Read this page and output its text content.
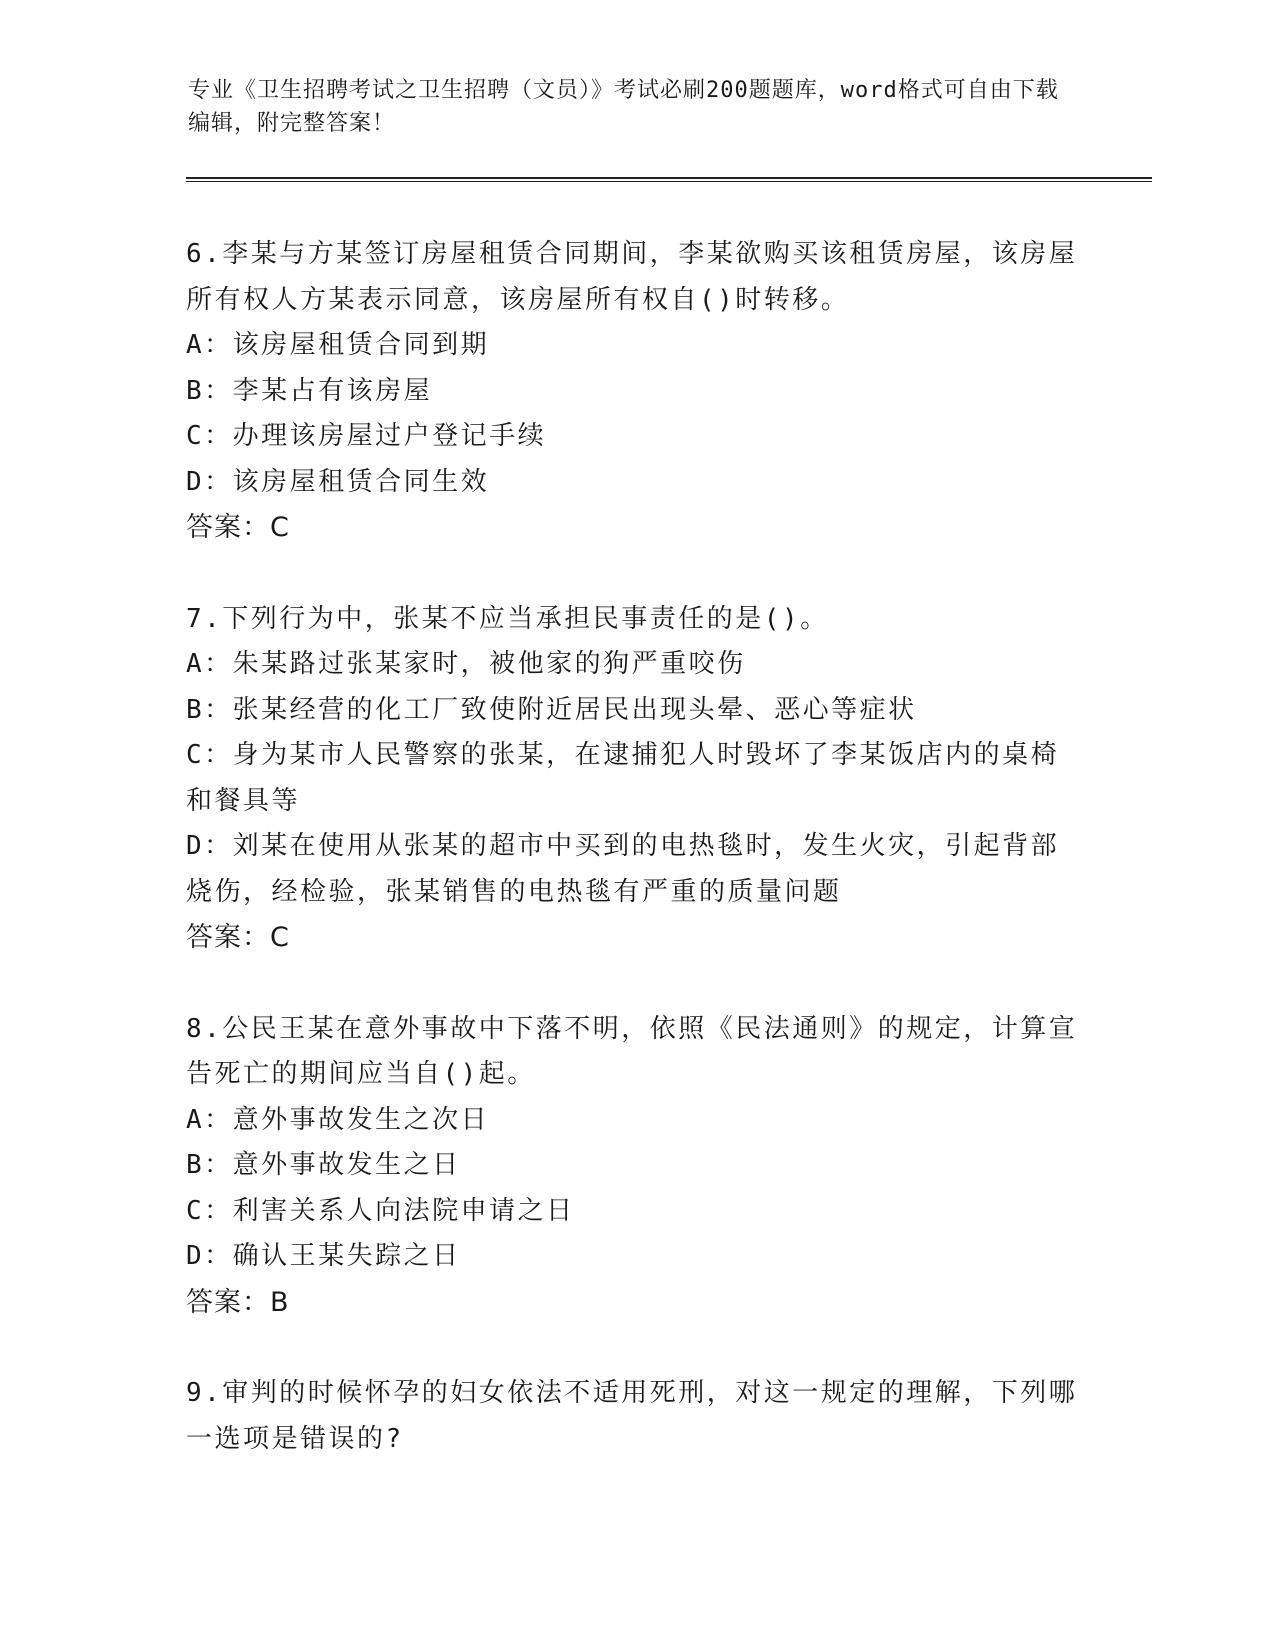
专业《卫生招聘考试之卫生招聘（文员）》考试必刷200题题库，word格式可自由下载编辑，附完整答案！

6.李某与方某签订房屋租赁合同期间，李某欲购买该租赁房屋，该房屋所有权人方某表示同意，该房屋所有权自()时转移。

A：该房屋租赁合同到期

B：李某占有该房屋

C：办理该房屋过户登记手续

D：该房屋租赁合同生效

答案：C

7.下列行为中，张某不应当承担民事责任的是()。

A：朱某路过张某家时，被他家的狗严重咬伤

B：张某经营的化工厂致使附近居民出现头晕、恶心等症状

C：身为某市人民警察的张某，在逮捕犯人时毁坏了李某饭店内的桌椅和餐具等

D：刘某在使用从张某的超市中买到的电热毯时，发生火灾，引起背部烧伤，经检验，张某销售的电热毯有严重的质量问题

答案：C

8.公民王某在意外事故中下落不明，依照《民法通则》的规定，计算宣告死亡的期间应当自()起。

A：意外事故发生之次日

B：意外事故发生之日

C：利害关系人向法院申请之日

D：确认王某失踪之日

答案：B

9.审判的时候怀孕的妇女依法不适用死刑，对这一规定的理解，下列哪一选项是错误的?
